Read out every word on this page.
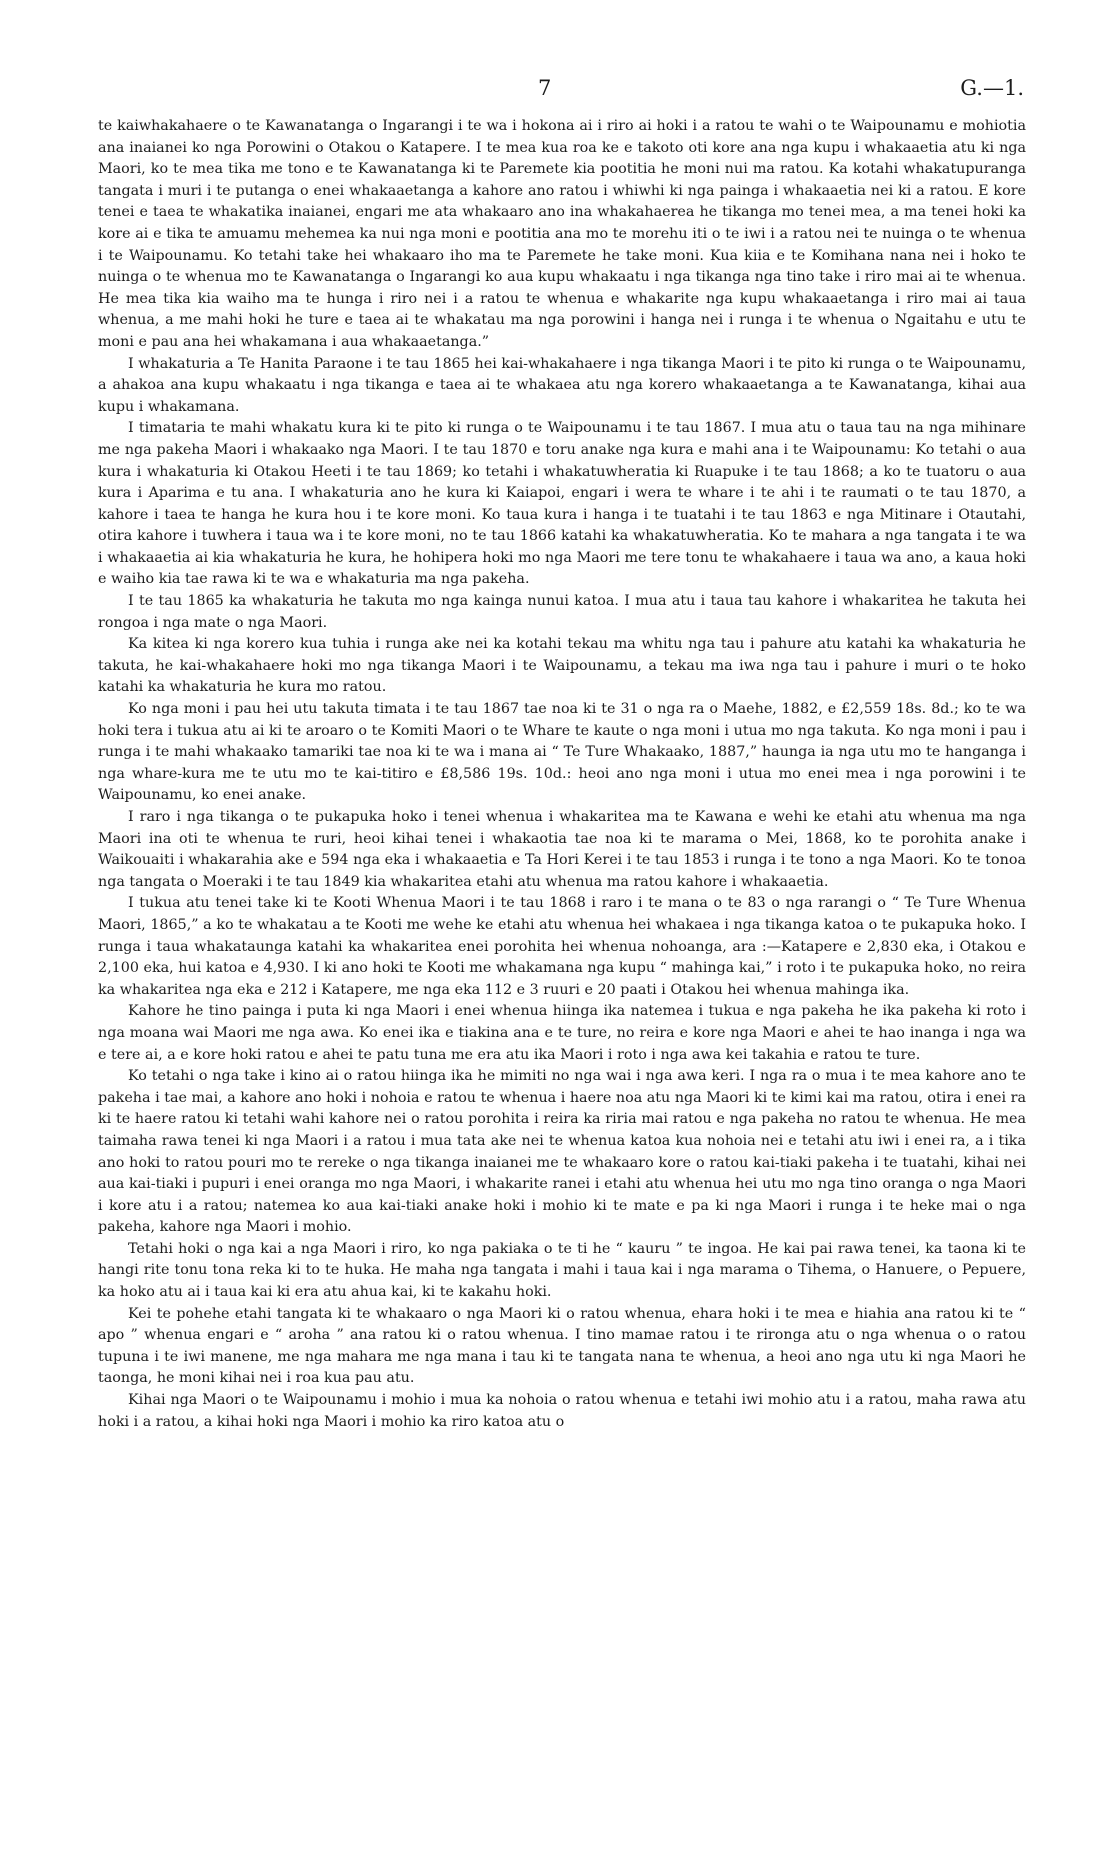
7	G.—1.

te kaiwhakahaere o te Kawanatanga o Ingarangi i te wa i hokona ai i riro ai hoki i a ratou te wahi o te Waipounamu e mohiotia ana inaianei ko nga Porowini o Otakou o Katapere. I te mea kua roa ke e takoto oti kore ana nga kupu i whakaaetia atu ki nga Maori, ko te mea tika me tono e te Kawanatanga ki te Paremete kia pootitia he moni nui ma ratou. Ka kotahi whakatupuranga tangata i muri i te putanga o enei whakaaetanga a kahore ano ratou i whiwhi ki nga painga i whakaaetia nei ki a ratou. E kore tenei e taea te whakatika inaianei, engari me ata whakaaro ano ina whakahaerea he tikanga mo tenei mea, a ma tenei hoki ka kore ai e tika te amuamu mehemea ka nui nga moni e pootitia ana mo te morehu iti o te iwi i a ratou nei te nuinga o te whenua i te Waipounamu. Ko tetahi take hei whakaaro iho ma te Paremete he take moni. Kua kiia e te Komihana nana nei i hoko te nuinga o te whenua mo te Kawanatanga o Ingarangi ko aua kupu whakaatu i nga tikanga nga tino take i riro mai ai te whenua. He mea tika kia waiho ma te hunga i riro nei i a ratou te whenua e whakarite nga kupu whakaaetanga i riro mai ai taua whenua, a me mahi hoki he ture e taea ai te whakatau ma nga porowini i hanga nei i runga i te whenua o Ngaitahu e utu te moni e pau ana hei whakamana i aua whakaaetanga.”

I whakaturia a Te Hanita Paraone i te tau 1865 hei kai-whakahaere i nga tikanga Maori i te pito ki runga o te Waipounamu, a ahakoa ana kupu whakaatu i nga tikanga e taea ai te whakaea atu nga korero whakaaetanga a te Kawanatanga, kihai aua kupu i whakamana.

I timataria te mahi whakatu kura ki te pito ki runga o te Waipounamu i te tau 1867. I mua atu o taua tau na nga mihinare me nga pakeha Maori i whakaako nga Maori. I te tau 1870 e toru anake nga kura e mahi ana i te Waipounamu: Ko tetahi o aua kura i whakaturia ki Otakou Heeti i te tau 1869; ko tetahi i whakatuwheratia ki Ruapuke i te tau 1868; a ko te tuatoru o aua kura i Aparima e tu ana. I whakaturia ano he kura ki Kaiapoi, engari i wera te whare i te ahi i te raumati o te tau 1870, a kahore i taea te hanga he kura hou i te kore moni. Ko taua kura i hanga i te tuatahi i te tau 1863 e nga Mitinare i Otautahi, otira kahore i tuwhera i taua wa i te kore moni, no te tau 1866 katahi ka whakatuwheratia. Ko te mahara a nga tangata i te wa i whakaaetia ai kia whakaturia he kura, he hohipera hoki mo nga Maori me tere tonu te whakahaere i taua wa ano, a kaua hoki e waiho kia tae rawa ki te wa e whakaturia ma nga pakeha.

I te tau 1865 ka whakaturia he takuta mo nga kainga nunui katoa. I mua atu i taua tau kahore i whakaritea he takuta hei rongoa i nga mate o nga Maori.

Ka kitea ki nga korero kua tuhia i runga ake nei ka kotahi tekau ma whitu nga tau i pahure atu katahi ka whakaturia he takuta, he kai-whakahaere hoki mo nga tikanga Maori i te Waipounamu, a tekau ma iwa nga tau i pahure i muri o te hoko katahi ka whakaturia he kura mo ratou.

Ko nga moni i pau hei utu takuta timata i te tau 1867 tae noa ki te 31 o nga ra o Maehe, 1882, e £2,559 18s. 8d.; ko te wa hoki tera i tukua atu ai ki te aroaro o te Komiti Maori o te Whare te kaute o nga moni i utua mo nga takuta. Ko nga moni i pau i runga i te mahi whakaako tamariki tae noa ki te wa i mana ai “ Te Ture Whakaako, 1887,” haunga ia nga utu mo te hanganga i nga whare-kura me te utu mo te kai-titiro e £8,586 19s. 10d.: heoi ano nga moni i utua mo enei mea i nga porowini i te Waipounamu, ko enei anake.

I raro i nga tikanga o te pukapuka hoko i tenei whenua i whakaritea ma te Kawana e wehi ke etahi atu whenua ma nga Maori ina oti te whenua te ruri, heoi kihai tenei i whakaotia tae noa ki te marama o Mei, 1868, ko te porohita anake i Waikouaiti i whakarahia ake e 594 nga eka i whakaaetia e Ta Hori Kerei i te tau 1853 i runga i te tono a nga Maori. Ko te tonoa nga tangata o Moeraki i te tau 1849 kia whakaritea etahi atu whenua ma ratou kahore i whakaaetia.

I tukua atu tenei take ki te Kooti Whenua Maori i te tau 1868 i raro i te mana o te 83 o nga rarangi o “ Te Ture Whenua Maori, 1865,” a ko te whakatau a te Kooti me wehe ke etahi atu whenua hei whakaea i nga tikanga katoa o te pukapuka hoko. I runga i taua whakataunga katahi ka whakaritea enei porohita hei whenua nohoanga, ara :—Katapere e 2,830 eka, i Otakou e 2,100 eka, hui katoa e 4,930. I ki ano hoki te Kooti me whakamana nga kupu “ mahinga kai,” i roto i te pukapuka hoko, no reira ka whakaritea nga eka e 212 i Katapere, me nga eka 112 e 3 ruuri e 20 paati i Otakou hei whenua mahinga ika.

Kahore he tino painga i puta ki nga Maori i enei whenua hiinga ika natemea i tukua e nga pakeha he ika pakeha ki roto i nga moana wai Maori me nga awa. Ko enei ika e tiakina ana e te ture, no reira e kore nga Maori e ahei te hao inanga i nga wa e tere ai, a e kore hoki ratou e ahei te patu tuna me era atu ika Maori i roto i nga awa kei takahia e ratou te ture.

Ko tetahi o nga take i kino ai o ratou hiinga ika he mimiti no nga wai i nga awa keri. I nga ra o mua i te mea kahore ano te pakeha i tae mai, a kahore ano hoki i nohoia e ratou te whenua i haere noa atu nga Maori ki te kimi kai ma ratou, otira i enei ra ki te haere ratou ki tetahi wahi kahore nei o ratou porohita i reira ka riria mai ratou e nga pakeha no ratou te whenua. He mea taimaha rawa tenei ki nga Maori i a ratou i mua tata ake nei te whenua katoa kua nohoia nei e tetahi atu iwi i enei ra, a i tika ano hoki to ratou pouri mo te rereke o nga tikanga inaianei me te whakaaro kore o ratou kai-tiaki pakeha i te tuatahi, kihai nei aua kai-tiaki i pupuri i enei oranga mo nga Maori, i whakarite ranei i etahi atu whenua hei utu mo nga tino oranga o nga Maori i kore atu i a ratou; natemea ko aua kai-tiaki anake hoki i mohio ki te mate e pa ki nga Maori i runga i te heke mai o nga pakeha, kahore nga Maori i mohio.

Tetahi hoki o nga kai a nga Maori i riro, ko nga pakiaka o te ti he “ kauru ” te ingoa. He kai pai rawa tenei, ka taona ki te hangi rite tonu tona reka ki to te huka. He maha nga tangata i mahi i taua kai i nga marama o Tihema, o Hanuere, o Pepuere, ka hoko atu ai i taua kai ki era atu ahua kai, ki te kakahu hoki.

Kei te pohehe etahi tangata ki te whakaaro o nga Maori ki o ratou whenua, ehara hoki i te mea e hiahia ana ratou ki te “ apo ” whenua engari e “ aroha ” ana ratou ki o ratou whenua. I tino mamae ratou i te rironga atu o nga whenua o o ratou tupuna i te iwi manene, me nga mahara me nga mana i tau ki te tangata nana te whenua, a heoi ano nga utu ki nga Maori he taonga, he moni kihai nei i roa kua pau atu.

Kihai nga Maori o te Waipounamu i mohio i mua ka nohoia o ratou whenua e tetahi iwi mohio atu i a ratou, maha rawa atu hoki i a ratou, a kihai hoki nga Maori i mohio ka riro katoa atu o
